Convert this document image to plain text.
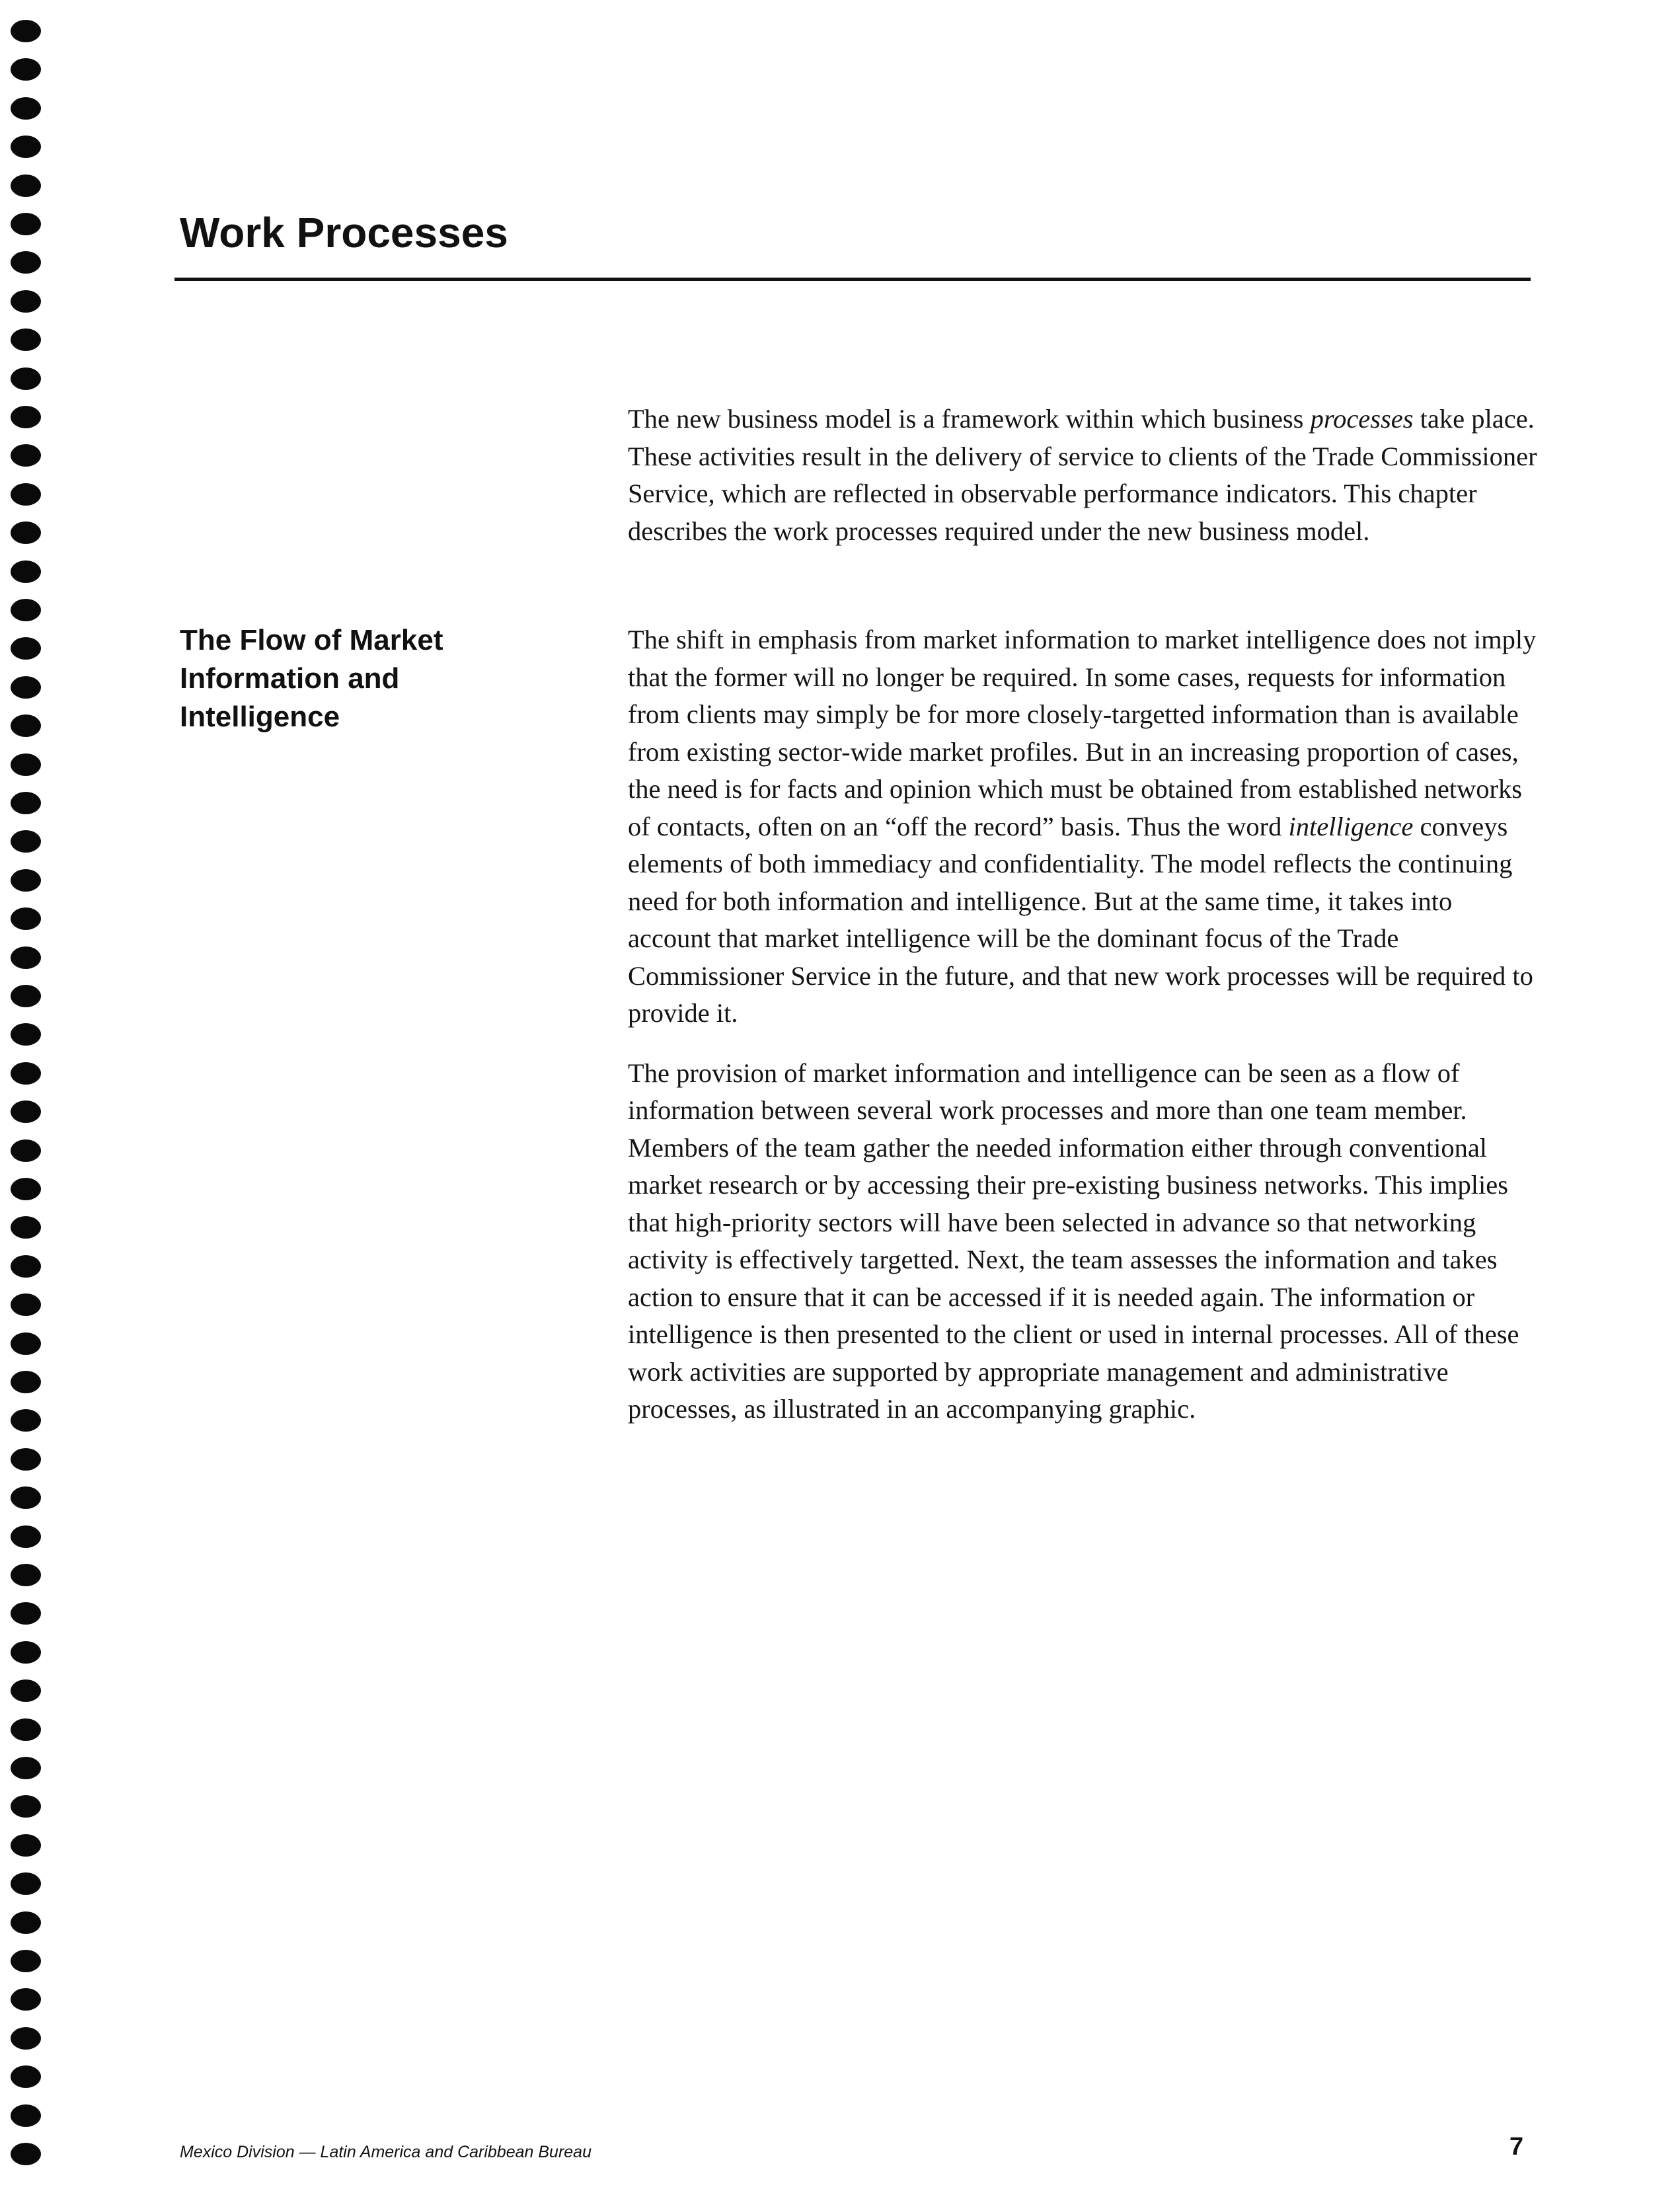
Work Processes

The new business model is a framework within which business processes take place. These activities result in the delivery of service to clients of the Trade Commissioner Service, which are reflected in observable performance indicators. This chapter describes the work processes required under the new business model.

The Flow of Market Information and Intelligence

The shift in emphasis from market information to market intelligence does not imply that the former will no longer be required. In some cases, requests for information from clients may simply be for more closely-targetted information than is available from existing sector-wide market profiles. But in an increasing proportion of cases, the need is for facts and opinion which must be obtained from established networks of contacts, often on an “off the record” basis. Thus the word intelligence conveys elements of both immediacy and confidentiality. The model reflects the continuing need for both information and intelligence. But at the same time, it takes into account that market intelligence will be the dominant focus of the Trade Commissioner Service in the future, and that new work processes will be required to provide it.

The provision of market information and intelligence can be seen as a flow of information between several work processes and more than one team member. Members of the team gather the needed information either through conventional market research or by accessing their pre-existing business networks. This implies that high-priority sectors will have been selected in advance so that networking activity is effectively targetted. Next, the team assesses the information and takes action to ensure that it can be accessed if it is needed again. The information or intelligence is then presented to the client or used in internal processes. All of these work activities are supported by appropriate management and administrative processes, as illustrated in an accompanying graphic.

Mexico Division — Latin America and Caribbean Bureau	7
